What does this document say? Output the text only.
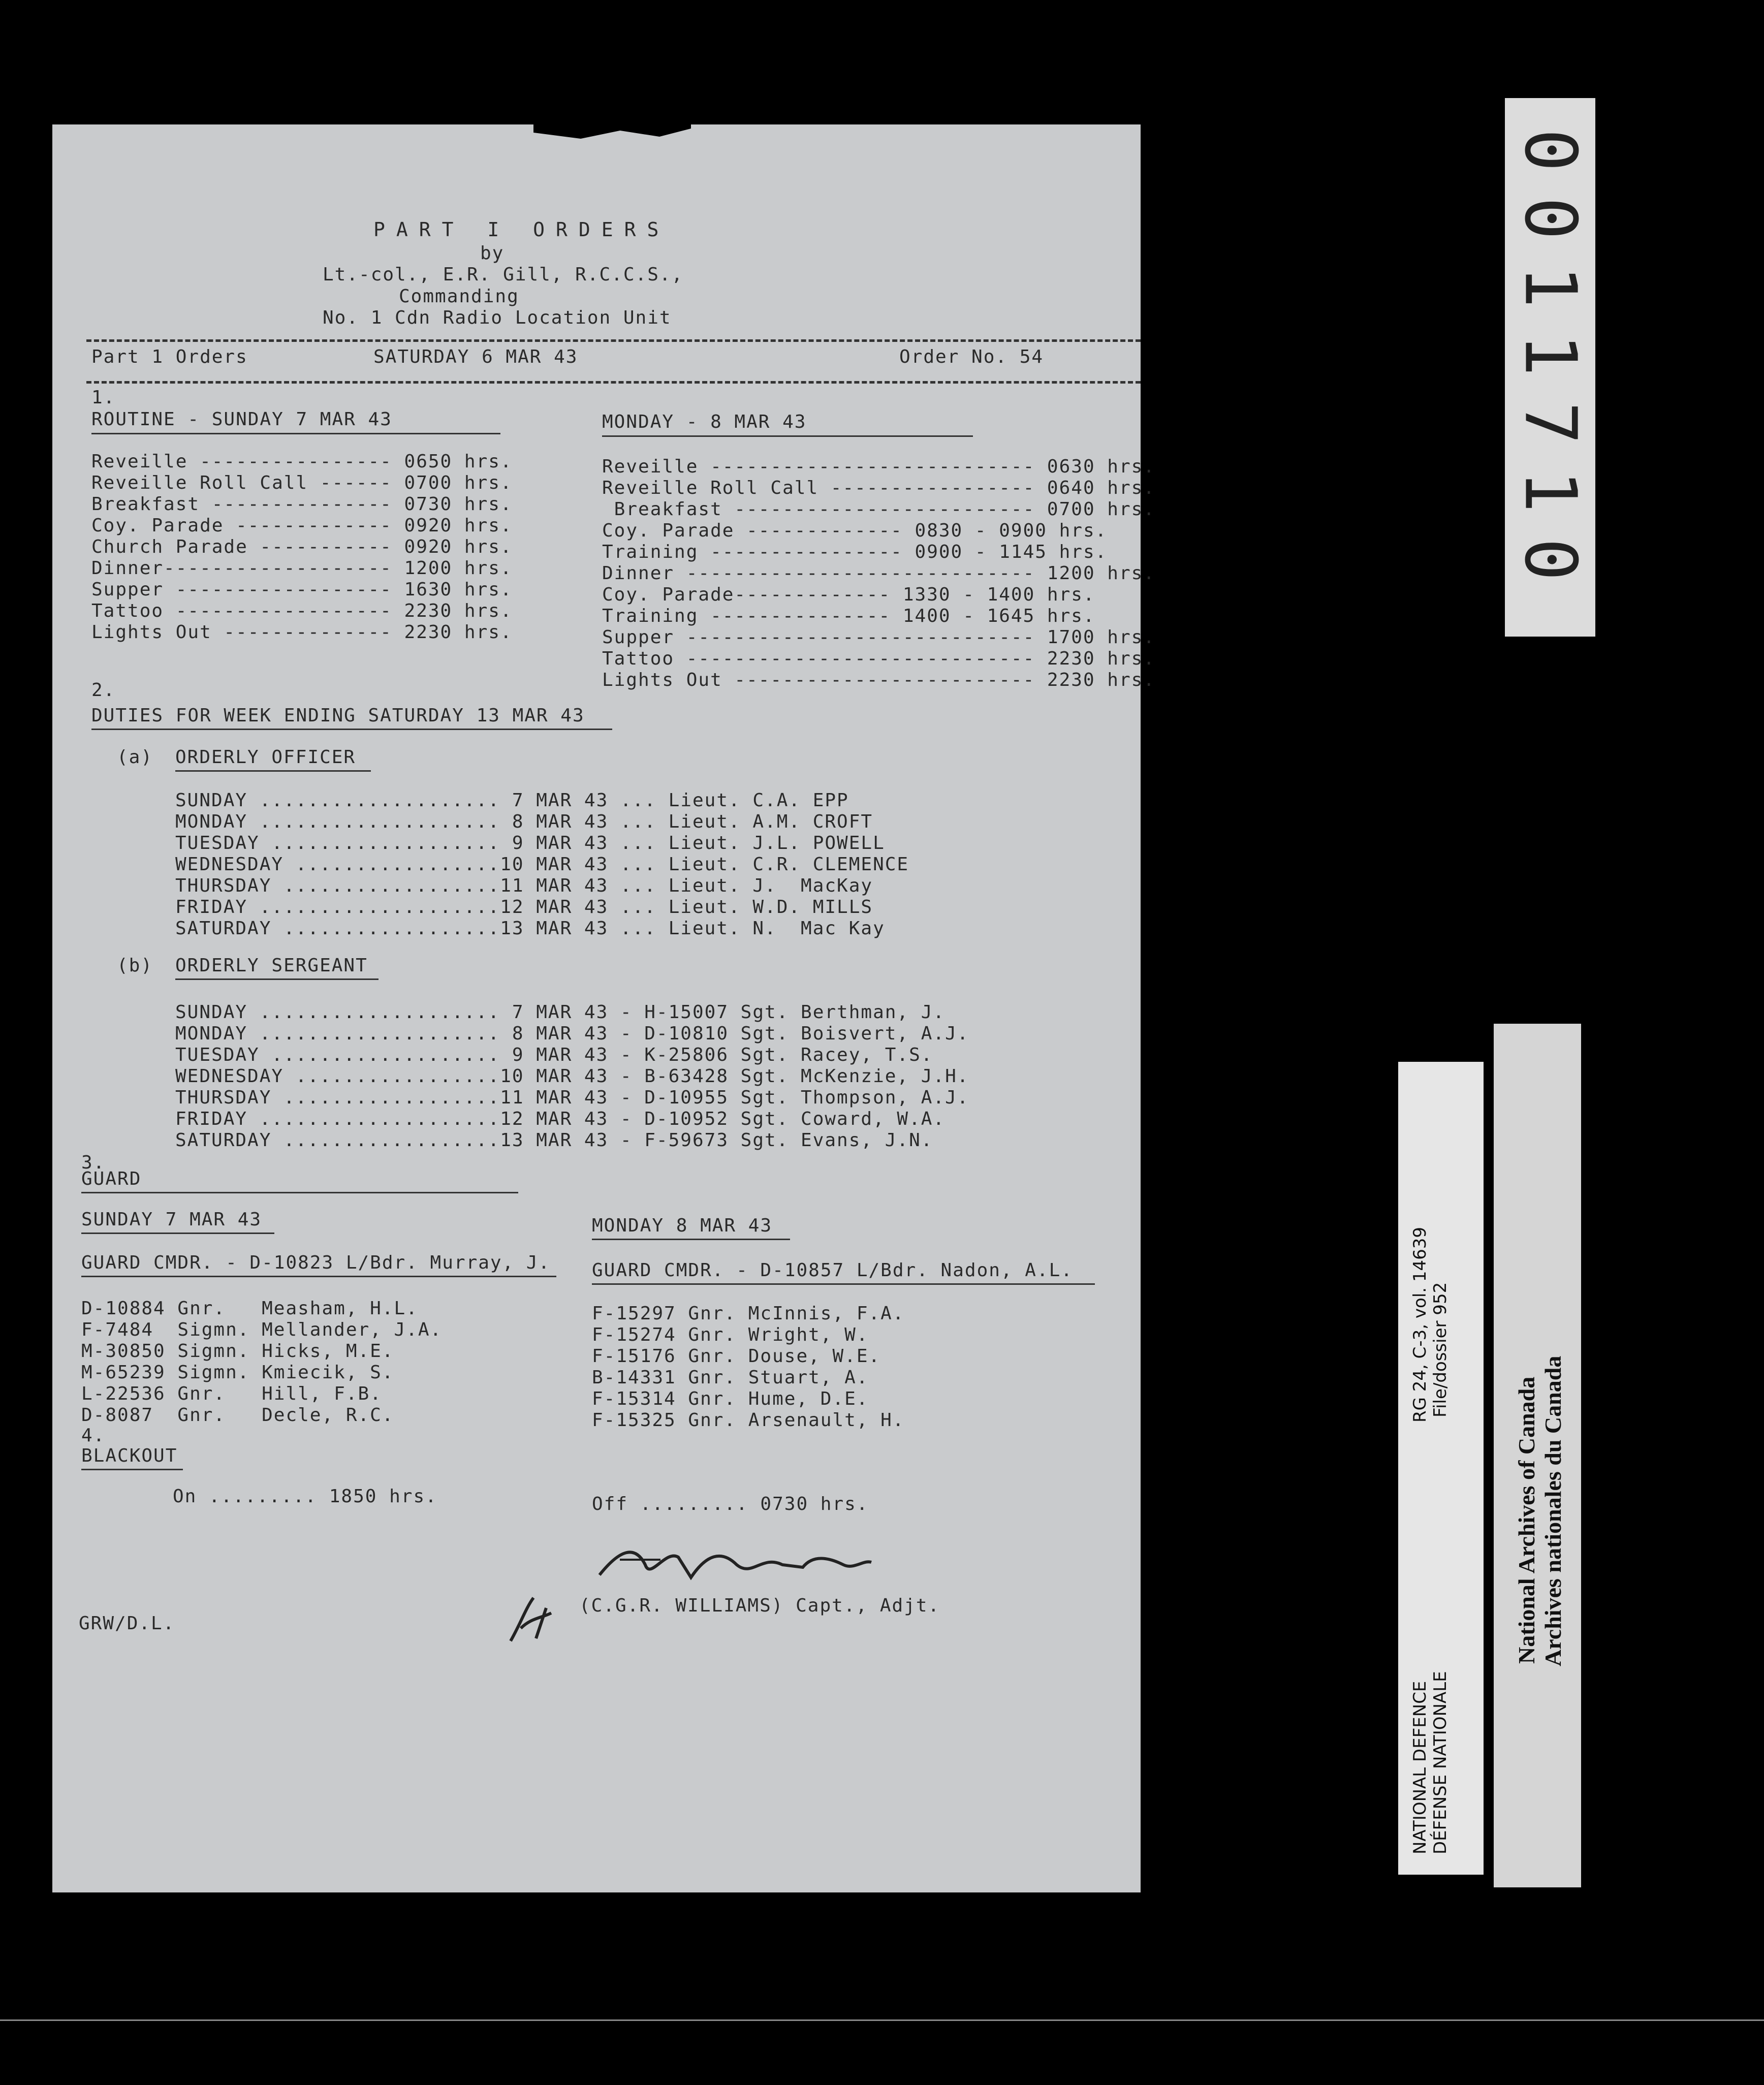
PART I ORDERS
by
Lt.-col., E.R. Gill, R.C.C.S.,
Commanding
No. 1 Cdn Radio Location Unit
Part 1 Orders	SATURDAY 6 MAR 43	Order No. 54
1.
ROUTINE - SUNDAY 7 MAR 43	MONDAY - 8 MAR 43
Reveille ---------------- 0650 hrs.
Reveille Roll Call ------ 0700 hrs.
Breakfast --------------- 0730 hrs.
Coy. Parade ------------- 0920 hrs.
Church Parade ----------- 0920 hrs.
Dinner------------------- 1200 hrs.
Supper ------------------ 1630 hrs.
Tattoo ------------------ 2230 hrs.
Lights Out -------------- 2230 hrs.
Reveille --------------------------- 0630 hrs.
Reveille Roll Call ----------------- 0640 hrs.
Breakfast ------------------------- 0700 hrs.
Coy. Parade ------------- 0830 - 0900 hrs.
Training ---------------- 0900 - 1145 hrs.
Dinner ----------------------------- 1200 hrs.
Coy. Parade------------- 1330 - 1400 hrs.
Training --------------- 1400 - 1645 hrs.
Supper ----------------------------- 1700 hrs.
Tattoo ----------------------------- 2230 hrs.
Lights Out ------------------------- 2230 hrs.
2.
DUTIES FOR WEEK ENDING SATURDAY 13 MAR 43
(a) ORDERLY OFFICER
SUNDAY .................... 7 MAR 43 ... Lieut. C.A. EPP
MONDAY .................... 8 MAR 43 ... Lieut. A.M. CROFT
TUESDAY ................... 9 MAR 43 ... Lieut. J.L. POWELL
WEDNESDAY .................10 MAR 43 ... Lieut. C.R. CLEMENCE
THURSDAY ..................11 MAR 43 ... Lieut. J.  MacKay
FRIDAY ....................12 MAR 43 ... Lieut. W.D. MILLS
SATURDAY ..................13 MAR 43 ... Lieut. N.  Mac Kay
(b) ORDERLY SERGEANT
SUNDAY .................... 7 MAR 43 - H-15007 Sgt. Berthman, J.
MONDAY .................... 8 MAR 43 - D-10810 Sgt. Boisvert, A.J.
TUESDAY ................... 9 MAR 43 - K-25806 Sgt. Racey, T.S.
WEDNESDAY .................10 MAR 43 - B-63428 Sgt. McKenzie, J.H.
THURSDAY ..................11 MAR 43 - D-10955 Sgt. Thompson, A.J.
FRIDAY ....................12 MAR 43 - D-10952 Sgt. Coward, W.A.
SATURDAY ..................13 MAR 43 - F-59673 Sgt. Evans, J.N.
3.
GUARD
SUNDAY 7 MAR 43
GUARD CMDR. - D-10823 L/Bdr. Murray, J.
MONDAY 8 MAR 43
GUARD CMDR. - D-10857 L/Bdr. Nadon, A.L.
D-10884 Gnr.   Measham, H.L.
F-7484  Sigmn. Mellander, J.A.
M-30850 Sigmn. Hicks, M.E.
M-65239 Sigmn. Kmiecik, S.
L-22536 Gnr.   Hill, F.B.
D-8087  Gnr.   Decle, R.C.
F-15297 Gnr. McInnis, F.A.
F-15274 Gnr. Wright, W.
F-15176 Gnr. Douse, W.E.
B-14331 Gnr. Stuart, A.
F-15314 Gnr. Hume, D.E.
F-15325 Gnr. Arsenault, H.
4.
BLACKOUT
On ......... 1850 hrs.	Off ......... 0730 hrs.
(C.G.R. WILLIAMS) Capt., Adjt.
GRW/D.L.
0011710
RG 24, C-3, vol. 14639 File/dossier 952
NATIONAL DEFENCE DÉFENSE NATIONALE
National Archives of Canada Archives nationales du Canada
